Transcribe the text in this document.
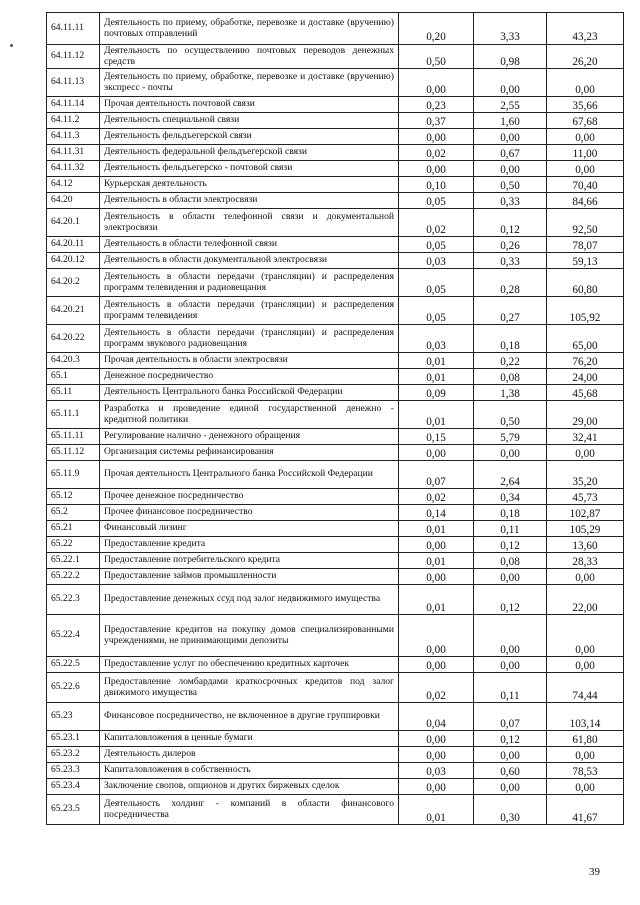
64.11.11	Деятельность по приему, обработке, перевозке и доставке (вручению) почтовых отправлений	0,20	3,33	43,23
64.11.12	Деятельность по осуществлению почтовых переводов денежных средств	0,50	0,98	26,20
64.11.13	Деятельность по приему, обработке, перевозке и доставке (вручению) экспресс - почты	0,00	0,00	0,00
64.11.14	Прочая деятельность почтовой связи	0,23	2,55	35,66
64.11.2	Деятельность специальной связи	0,37	1,60	67,68
64.11.3	Деятельность фельдъегерской связи	0,00	0,00	0,00
64.11.31	Деятельность федеральной фельдъегерской связи	0,02	0,67	11,00
64.11.32	Деятельность фельдъегерско - почтовой связи	0,00	0,00	0,00
64.12	Курьерская деятельность	0,10	0,50	70,40
64.20	Деятельность в области электросвязи	0,05	0,33	84,66
64.20.1	Деятельность в области телефонной связи и документальной электросвязи	0,02	0,12	92,50
64.20.11	Деятельность в области телефонной связи	0,05	0,26	78,07
64.20.12	Деятельность в области документальной электросвязи	0,03	0,33	59,13
64.20.2	Деятельность в области передачи (трансляции) и распределения программ телевидения и радиовещания	0,05	0,28	60,80
64.20.21	Деятельность в области передачи (трансляции) и распределения программ телевидения	0,05	0,27	105,92
64.20.22	Деятельность в области передачи (трансляции) и распределения программ звукового радиовещания	0,03	0,18	65,00
64.20.3	Прочая деятельность в области электросвязи	0,01	0,22	76,20
65.1	Денежное посредничество	0,01	0,08	24,00
65.11	Деятельность Центрального банка Российской Федерации	0,09	1,38	45,68
65.11.1	Разработка и проведение единой государственной денежно - кредитной политики	0,01	0,50	29,00
65.11.11	Регулирование налично - денежного обращения	0,15	5,79	32,41
65.11.12	Организация системы рефинансирования	0,00	0,00	0,00
65.11.9	Прочая деятельность Центрального банка Российской Федерации	0,07	2,64	35,20
65.12	Прочее денежное посредничество	0,02	0,34	45,73
65.2	Прочее финансовое посредничество	0,14	0,18	102,87
65.21	Финансовый лизинг	0,01	0,11	105,29
65.22	Предоставление кредита	0,00	0,12	13,60
65.22.1	Предоставление потребительского кредита	0,01	0,08	28,33
65.22.2	Предоставление займов промышленности	0,00	0,00	0,00
65.22.3	Предоставление денежных ссуд под залог недвижимого имущества	0,01	0,12	22,00
65.22.4	Предоставление кредитов на покупку домов специализированными учреждениями, не принимающими депозиты	0,00	0,00	0,00
65.22.5	Предоставление услуг по обеспечению кредитных карточек	0,00	0,00	0,00
65.22.6	Предоставление ломбардами краткосрочных кредитов под залог движимого имущества	0,02	0,11	74,44
65.23	Финансовое посредничество, не включенное в другие группировки	0,04	0,07	103,14
65.23.1	Капиталовложения в ценные бумаги	0,00	0,12	61,80
65.23.2	Деятельность дилеров	0,00	0,00	0,00
65.23.3	Капиталовложения в собственность	0,03	0,60	78,53
65.23.4	Заключение свопов, опционов и других биржевых сделок	0,00	0,00	0,00
65.23.5	Деятельность холдинг - компаний в области финансового посредничества	0,01	0,30	41,67
39
